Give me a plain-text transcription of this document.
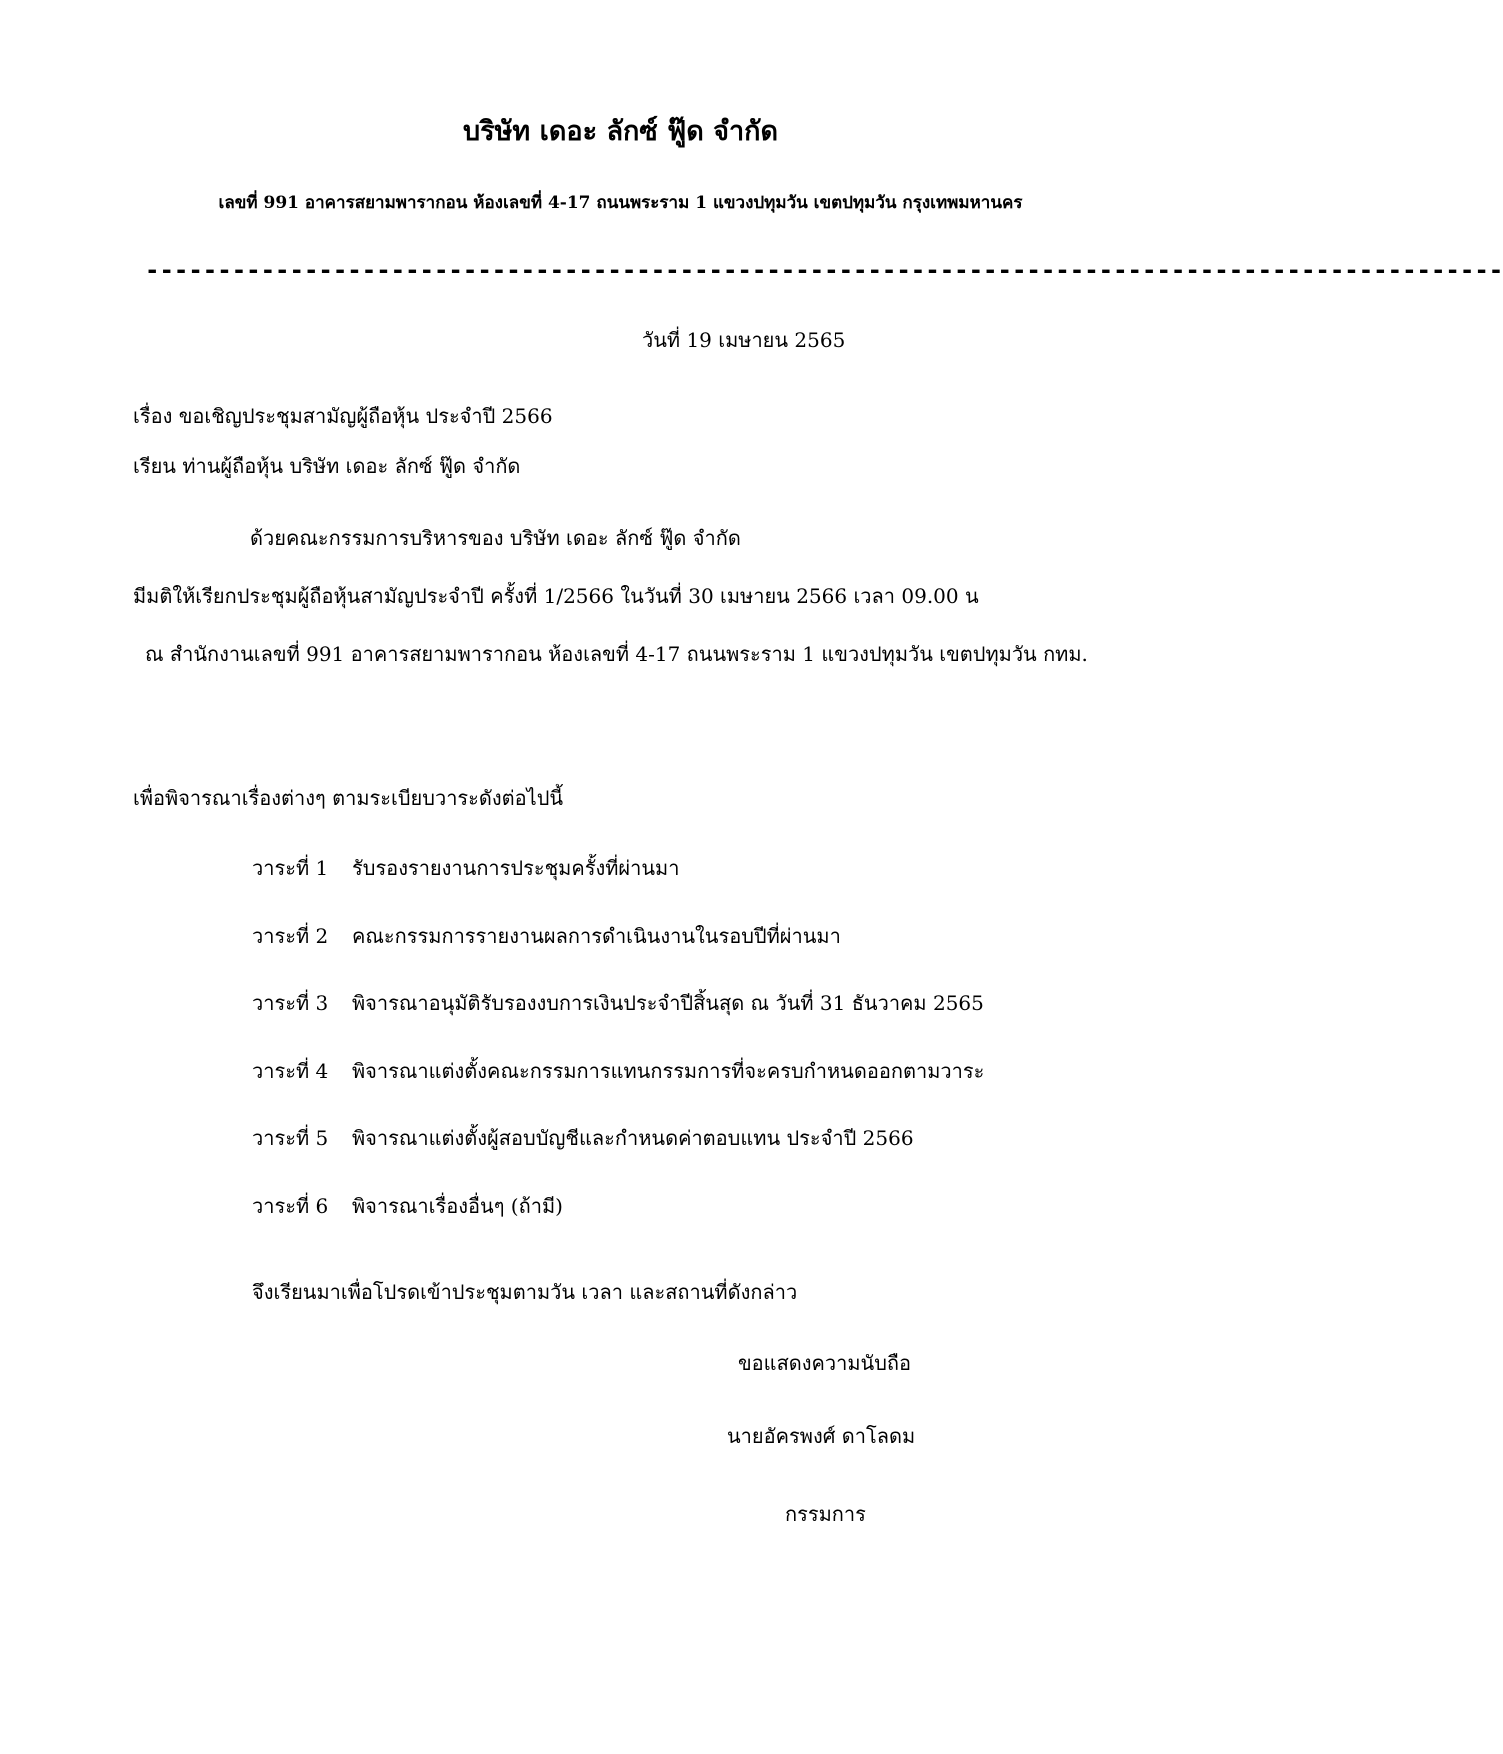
บริษัท เดอะ ลักซ์ ฟู๊ด จำกัด
เลขที่ 991 อาคารสยามพารากอน ห้องเลขที่ 4-17 ถนนพระราม 1 แขวงปทุมวัน เขตปทุมวัน กรุงเทพมหานคร
----------------------------------------------------------------------------------------------
วันที่ 19 เมษายน 2565
เรื่อง ขอเชิญประชุมสามัญผู้ถือหุ้น ประจำปี 2566
เรียน ท่านผู้ถือหุ้น บริษัท เดอะ ลักซ์ ฟู๊ด จำกัด
ด้วยคณะกรรมการบริหารของ บริษัท เดอะ ลักซ์ ฟู๊ด จำกัด
มีมติให้เรียกประชุมผู้ถือหุ้นสามัญประจำปี ครั้งที่ 1/2566 ในวันที่ 30 เมษายน 2566 เวลา 09.00 น
ณ สำนักงานเลขที่ 991 อาคารสยามพารากอน ห้องเลขที่ 4-17 ถนนพระราม 1 แขวงปทุมวัน เขตปทุมวัน กทม.
เพื่อพิจารณาเรื่องต่างๆ ตามระเบียบวาระดังต่อไปนี้
วาระที่ 1 รับรองรายงานการประชุมครั้งที่ผ่านมา
วาระที่ 2 คณะกรรมการรายงานผลการดำเนินงานในรอบปีที่ผ่านมา
วาระที่ 3 พิจารณาอนุมัติรับรองงบการเงินประจำปีสิ้นสุด ณ วันที่ 31 ธันวาคม 2565
วาระที่ 4 พิจารณาแต่งตั้งคณะกรรมการแทนกรรมการที่จะครบกำหนดออกตามวาระ
วาระที่ 5 พิจารณาแต่งตั้งผู้สอบบัญชีและกำหนดค่าตอบแทน ประจำปี 2566
วาระที่ 6 พิจารณาเรื่องอื่นๆ (ถ้ามี)
จึงเรียนมาเพื่อโปรดเข้าประชุมตามวัน เวลา และสถานที่ดังกล่าว
ขอแสดงความนับถือ
นายอัครพงศ์ ดาโลดม
กรรมการ
